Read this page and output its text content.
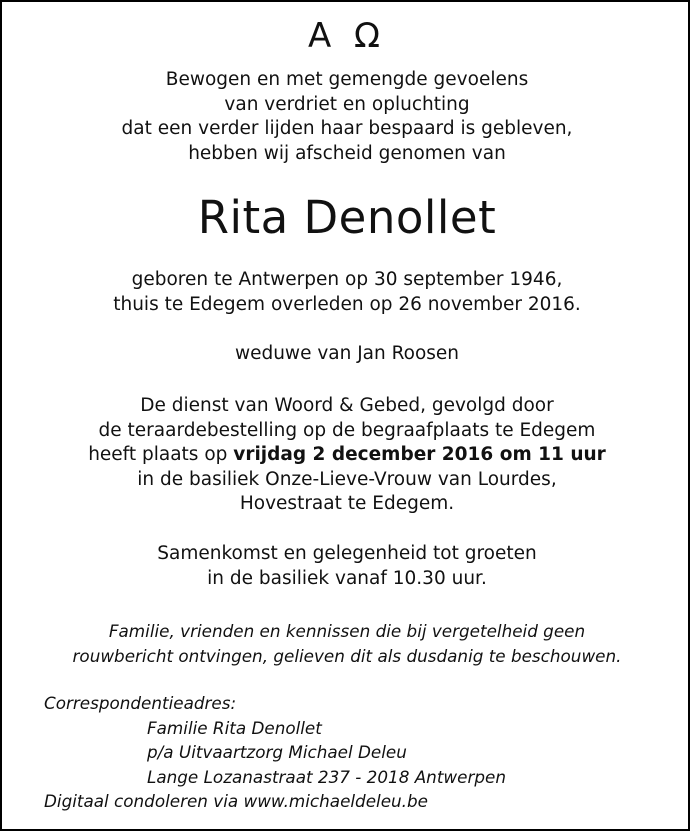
A Ω
Bewogen en met gemengde gevoelens
van verdriet en opluchting
dat een verder lijden haar bespaard is gebleven,
hebben wij afscheid genomen van
Rita Denollet
geboren te Antwerpen op 30 september 1946,
thuis te Edegem overleden op 26 november 2016.
weduwe van Jan Roosen
De dienst van Woord & Gebed, gevolgd door
de teraardebestelling op de begraafplaats te Edegem
heeft plaats op vrijdag 2 december 2016 om 11 uur
in de basiliek Onze-Lieve-Vrouw van Lourdes,
Hovestraat te Edegem.
Samenkomst en gelegenheid tot groeten
in de basiliek vanaf 10.30 uur.
Familie, vrienden en kennissen die bij vergetelheid geen
rouwbericht ontvingen, gelieven dit als dusdanig te beschouwen.
Correspondentieadres:
Familie Rita Denollet
p/a Uitvaartzorg Michael Deleu
Lange Lozanastraat 237 - 2018 Antwerpen
Digitaal condoleren via www.michaeldeleu.be
